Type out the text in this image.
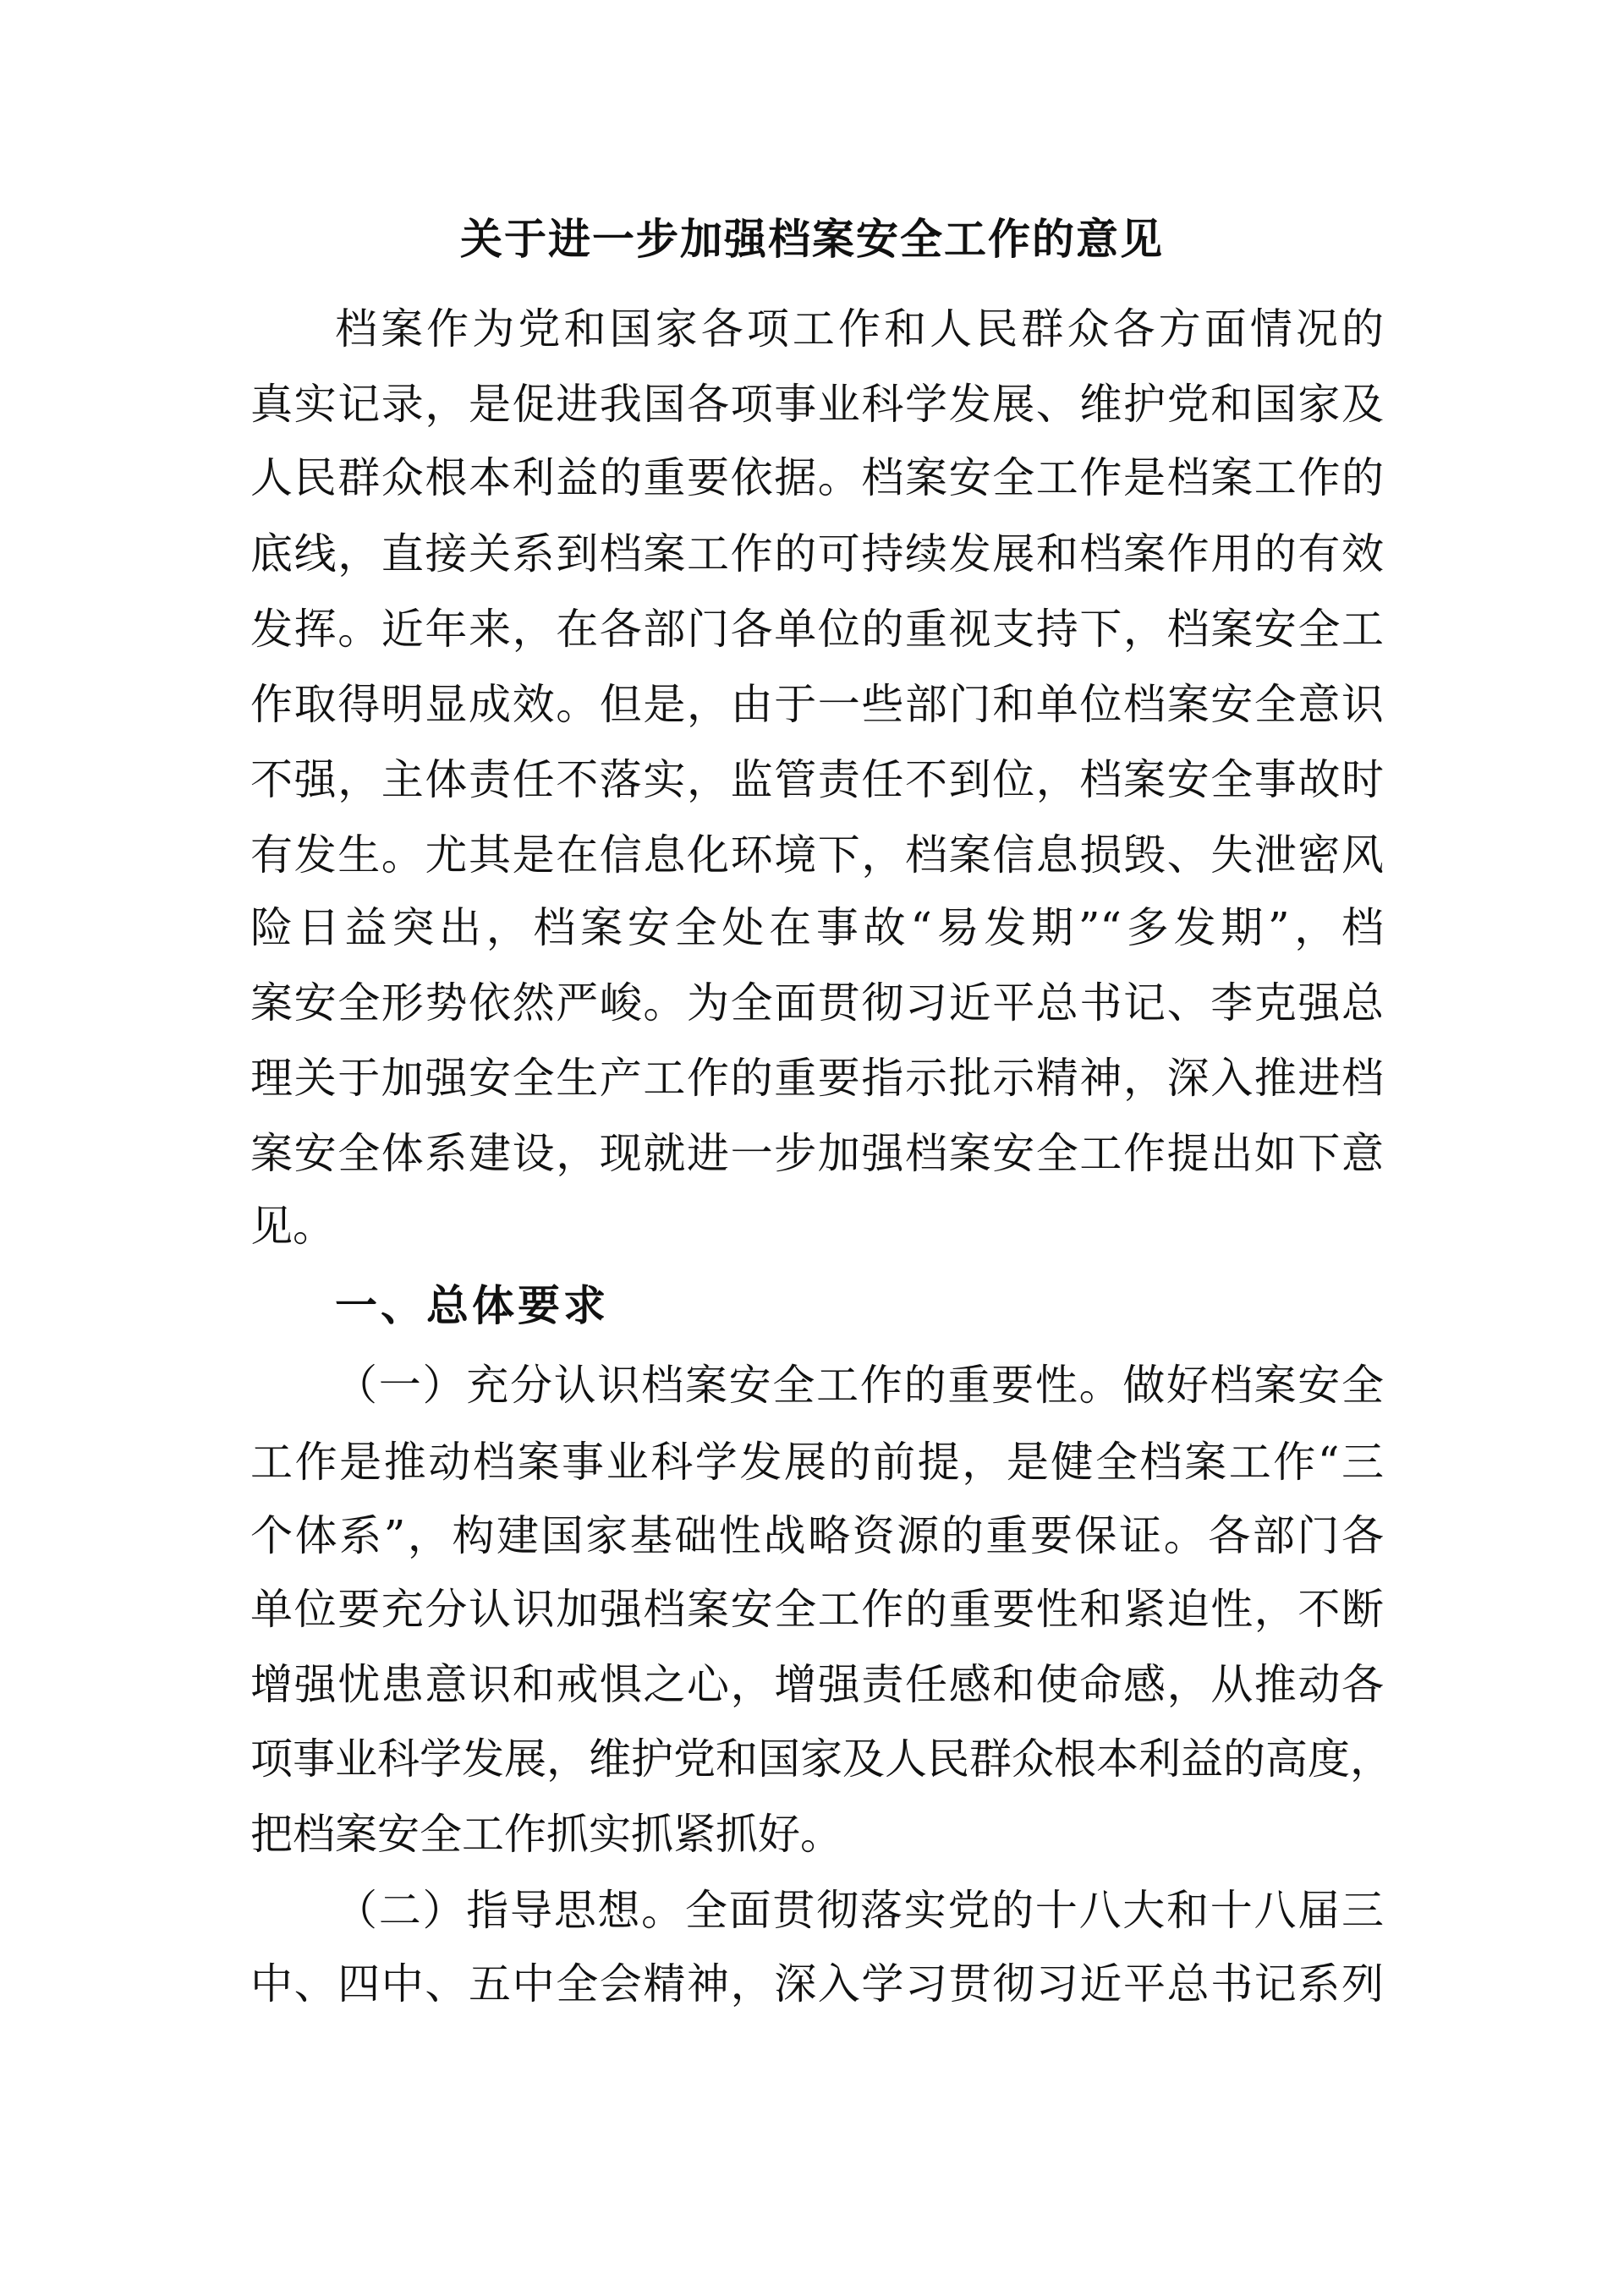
关于进一步加强档案安全工作的意见
档案作为党和国家各项工作和人民群众各方面情况的
真实记录，是促进我国各项事业科学发展、维护党和国家及
人民群众根本利益的重要依据。档案安全工作是档案工作的
底线，直接关系到档案工作的可持续发展和档案作用的有效
发挥。近年来，在各部门各单位的重视支持下，档案安全工
作取得明显成效。但是，由于一些部门和单位档案安全意识
不强，主体责任不落实，监管责任不到位，档案安全事故时
有发生。尤其是在信息化环境下，档案信息损毁、失泄密风
险日益突出，档案安全处在事故“易发期”“多发期”，档
案安全形势依然严峻。为全面贯彻习近平总书记、李克强总
理关于加强安全生产工作的重要指示批示精神，深入推进档
案安全体系建设，现就进一步加强档案安全工作提出如下意
见。
一、总体要求
（一）充分认识档案安全工作的重要性。做好档案安全
工作是推动档案事业科学发展的前提，是健全档案工作“三
个体系”，构建国家基础性战略资源的重要保证。各部门各
单位要充分认识加强档案安全工作的重要性和紧迫性，不断
增强忧患意识和戒惧之心，增强责任感和使命感，从推动各
项事业科学发展，维护党和国家及人民群众根本利益的高度，
把档案安全工作抓实抓紧抓好。
（二）指导思想。全面贯彻落实党的十八大和十八届三
中、四中、五中全会精神，深入学习贯彻习近平总书记系列
